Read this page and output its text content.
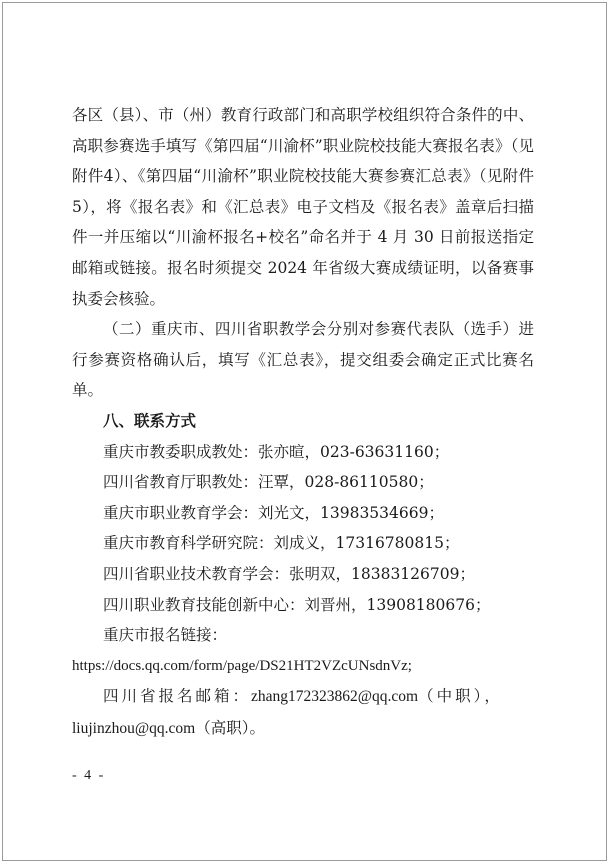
各区（县）、市（州）教育行政部门和高职学校组织符合条件的中、高职参赛选手填写《第四届“川渝杯”职业院校技能大赛报名表》（见附件4）、《第四届“川渝杯”职业院校技能大赛参赛汇总表》（见附件5），将《报名表》和《汇总表》电子文档及《报名表》盖章后扫描件一并压缩以“川渝杯报名+校名”命名并于 4 月 30 日前报送指定邮箱或链接。报名时须提交 2024 年省级大赛成绩证明，以备赛事执委会核验。

（二）重庆市、四川省职教学会分别对参赛代表队（选手）进行参赛资格确认后，填写《汇总表》，提交组委会确定正式比赛名单。

八、联系方式

重庆市教委职成教处：张亦暄，023-63631160；

四川省教育厅职教处：汪覃，028-86110580；

重庆市职业教育学会：刘光文，13983534669；

重庆市教育科学研究院：刘成义，17316780815；

四川省职业技术教育学会：张明双，18383126709；

四川职业教育技能创新中心：刘晋州，13908180676；

重庆市报名链接：

https://docs.qq.com/form/page/DS21HT2VZcUNsdnVz;

四川省报名邮箱：zhang172323862@qq.com（中职），

liujinzhou@qq.com（高职）。

- 4 -
